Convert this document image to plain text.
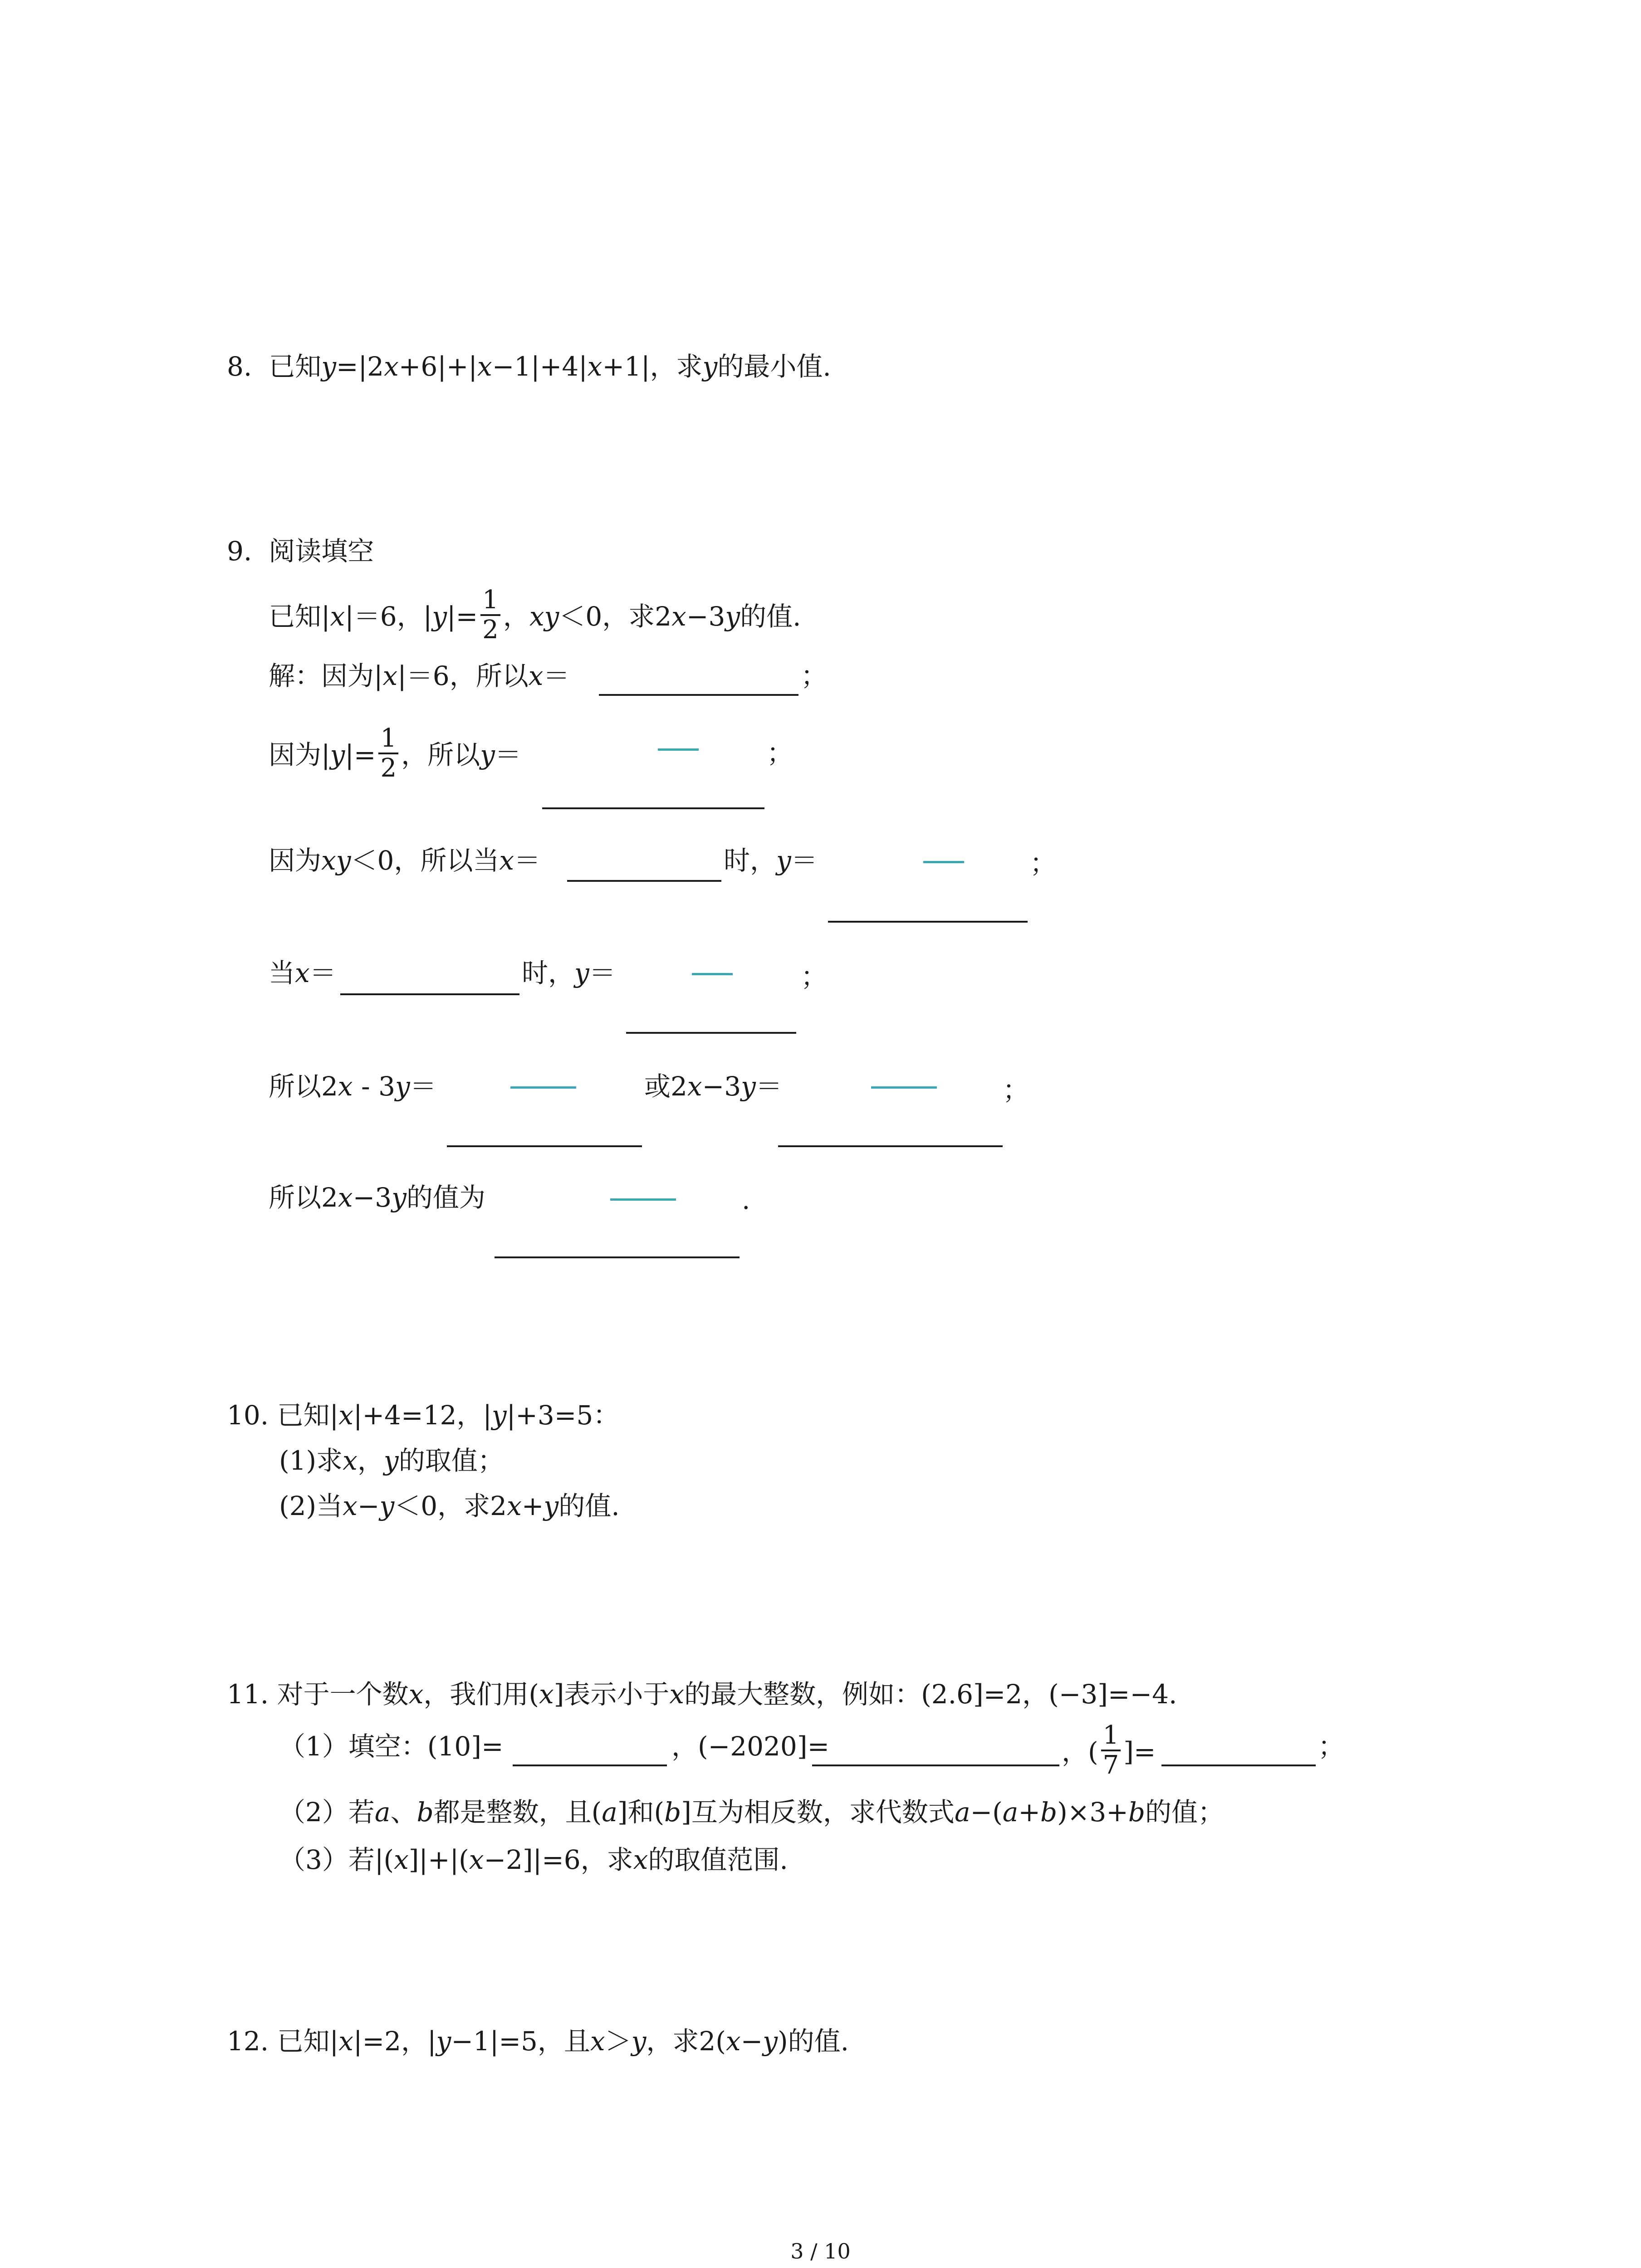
8. 已知y=|2x+6|+|x−1|+4|x+1|，求y的最小值.
9. 阅读填空
已知|x|＝6，$|y|= \frac{1}{2}$ ，xy＜0，求2x−3y的值.
解：因为|x|＝6，所以x＝	；
因为$|y|= \frac{1}{2}$ ，所以y＝	；
因为xy＜0，所以当x＝	时，y＝	；
当x＝	时，y＝	；
所以2x - 3y＝	或2x−3y＝	；
所以2x−3y的值为	.
10. 已知|x|+4=12，|y|+3=5：
(1)求x，y的取值；
(2)当x−y＜0，求2x+y的值.
11. 对于一个数x，我们用(x]表示小于x的最大整数，例如：(2.6]=2，(−3]=−4.
（1）填空：(10]=	，(−2020]=	，( $\frac{1}{7}$ ]=	；
（2）若a、b都是整数，且(a]和(b]互为相反数，求代数式a−(a+b)×3+b的值；
（3）若|(x]|+|(x−2]|=6，求x的取值范围.
12. 已知|x|=2，|y−1|=5，且x＞y，求2(x−y)的值.
3 / 10
